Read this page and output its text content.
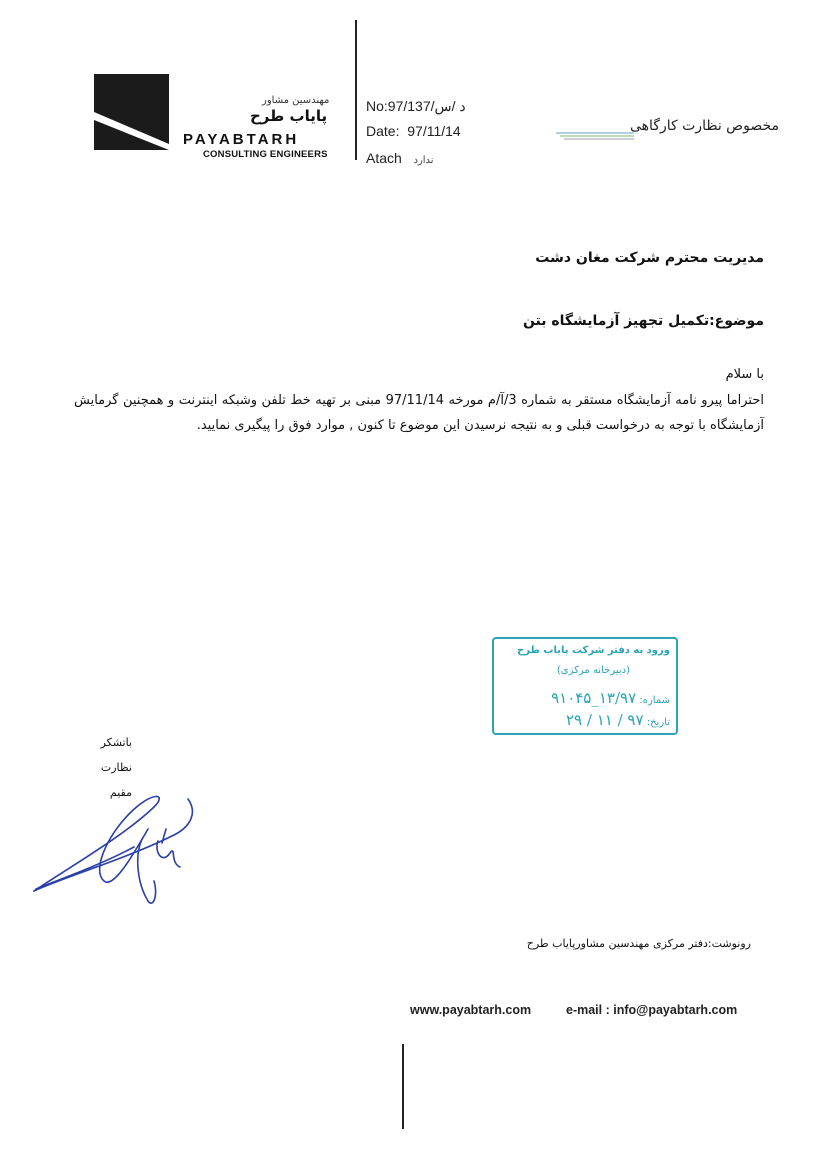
مهندسین مشاور
پایاب طرح
PAYABTARH
CONSULTING ENGINEERS
No:97/د /س/137
Date: 97/11/14
Atach ندارد
مخصوص نظارت کارگاهی
مدیریت محترم شرکت مغان دشت
موضوع:تکمیل تجهیز آزمایشگاه بتن
با سلام
احتراما پیرو نامه آزمایشگاه مستقر به شماره 3/آ/م مورخه 97/11/14 مبنی بر تهیه خط تلفن وشبکه اینترنت و همچنین گرمایش آزمایشگاه با توجه به درخواست قبلی و به نتیجه نرسیدن این موضوع تا کنون , موارد فوق را پیگیری نمایید.
ورود به دفتر شرکت پایاب طرح
(دبیرخانه مرکزی)
شماره: ۱۳/۹۷_۹۱۰۴۵
تاریخ: ۹۷ / ۱۱ / ۲۹
باتشکر
نظارت
مقیم
رونوشت:دفتر مرکزی مهندسین مشاورپایاب طرح
www.payabtarh.com	e-mail : info@payabtarh.com
